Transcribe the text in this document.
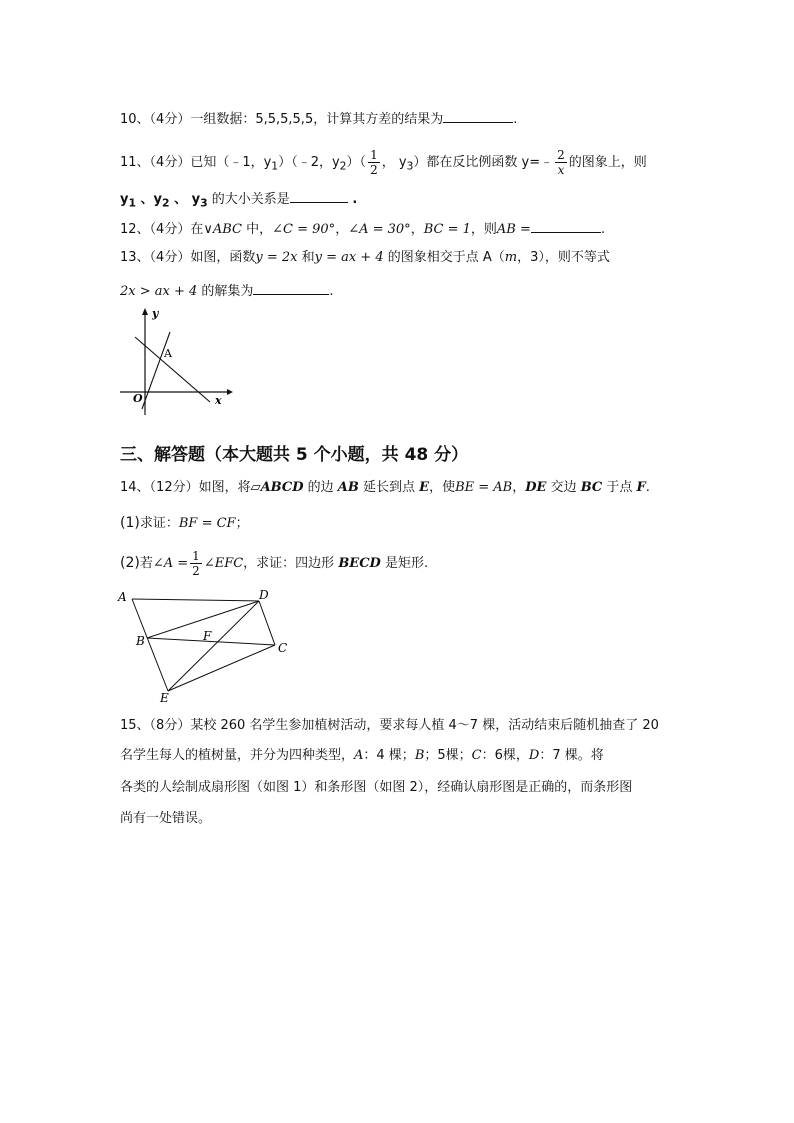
10、（4分）一组数据：5,5,5,5,5，计算其方差的结果为	.
11、（4分）已知（﹣1，$y_1)(﹣2$，$y_2)( \frac{1}{2}$ ， $y_3$）都在反比例函数 y=﹣ $\frac{2}{x}$ 的图象上，则
$y_1$ 、$y_2$ 、 $y_3$ 的大小关系是	.
12、（4分）在∨ABC 中，∠C = 90°，∠A = 30°，BC = 1，则AB =	.
13、（4分）如图，函数y = 2x 和y = ax + 4 的图象相交于点 A（m，3），则不等式
2x > ax + 4 的解集为	.
y
x
O
A
三、解答题（本大题共 5 个小题，共 48 分）
14、（12分）如图，将▱ABCD 的边 AB 延长到点 E，使BE = AB，DE 交边 BC 于点 F.
(1)求证：BF = CF；
(2)若∠A = $\frac{1}{2}$ ∠EFC，求证：四边形 BECD 是矩形.
A	D
B	F
C
E
15、（8分）某校 260 名学生参加植树活动，要求每人植 4～7 棵，活动结束后随机抽查了 20
名学生每人的植树量，并分为四种类型，A：4 棵；B；5棵；C：6棵，D：7 棵。将
各类的人绘制成扇形图（如图 1）和条形图（如图 2），经确认扇形图是正确的，而条形图
尚有一处错误。
